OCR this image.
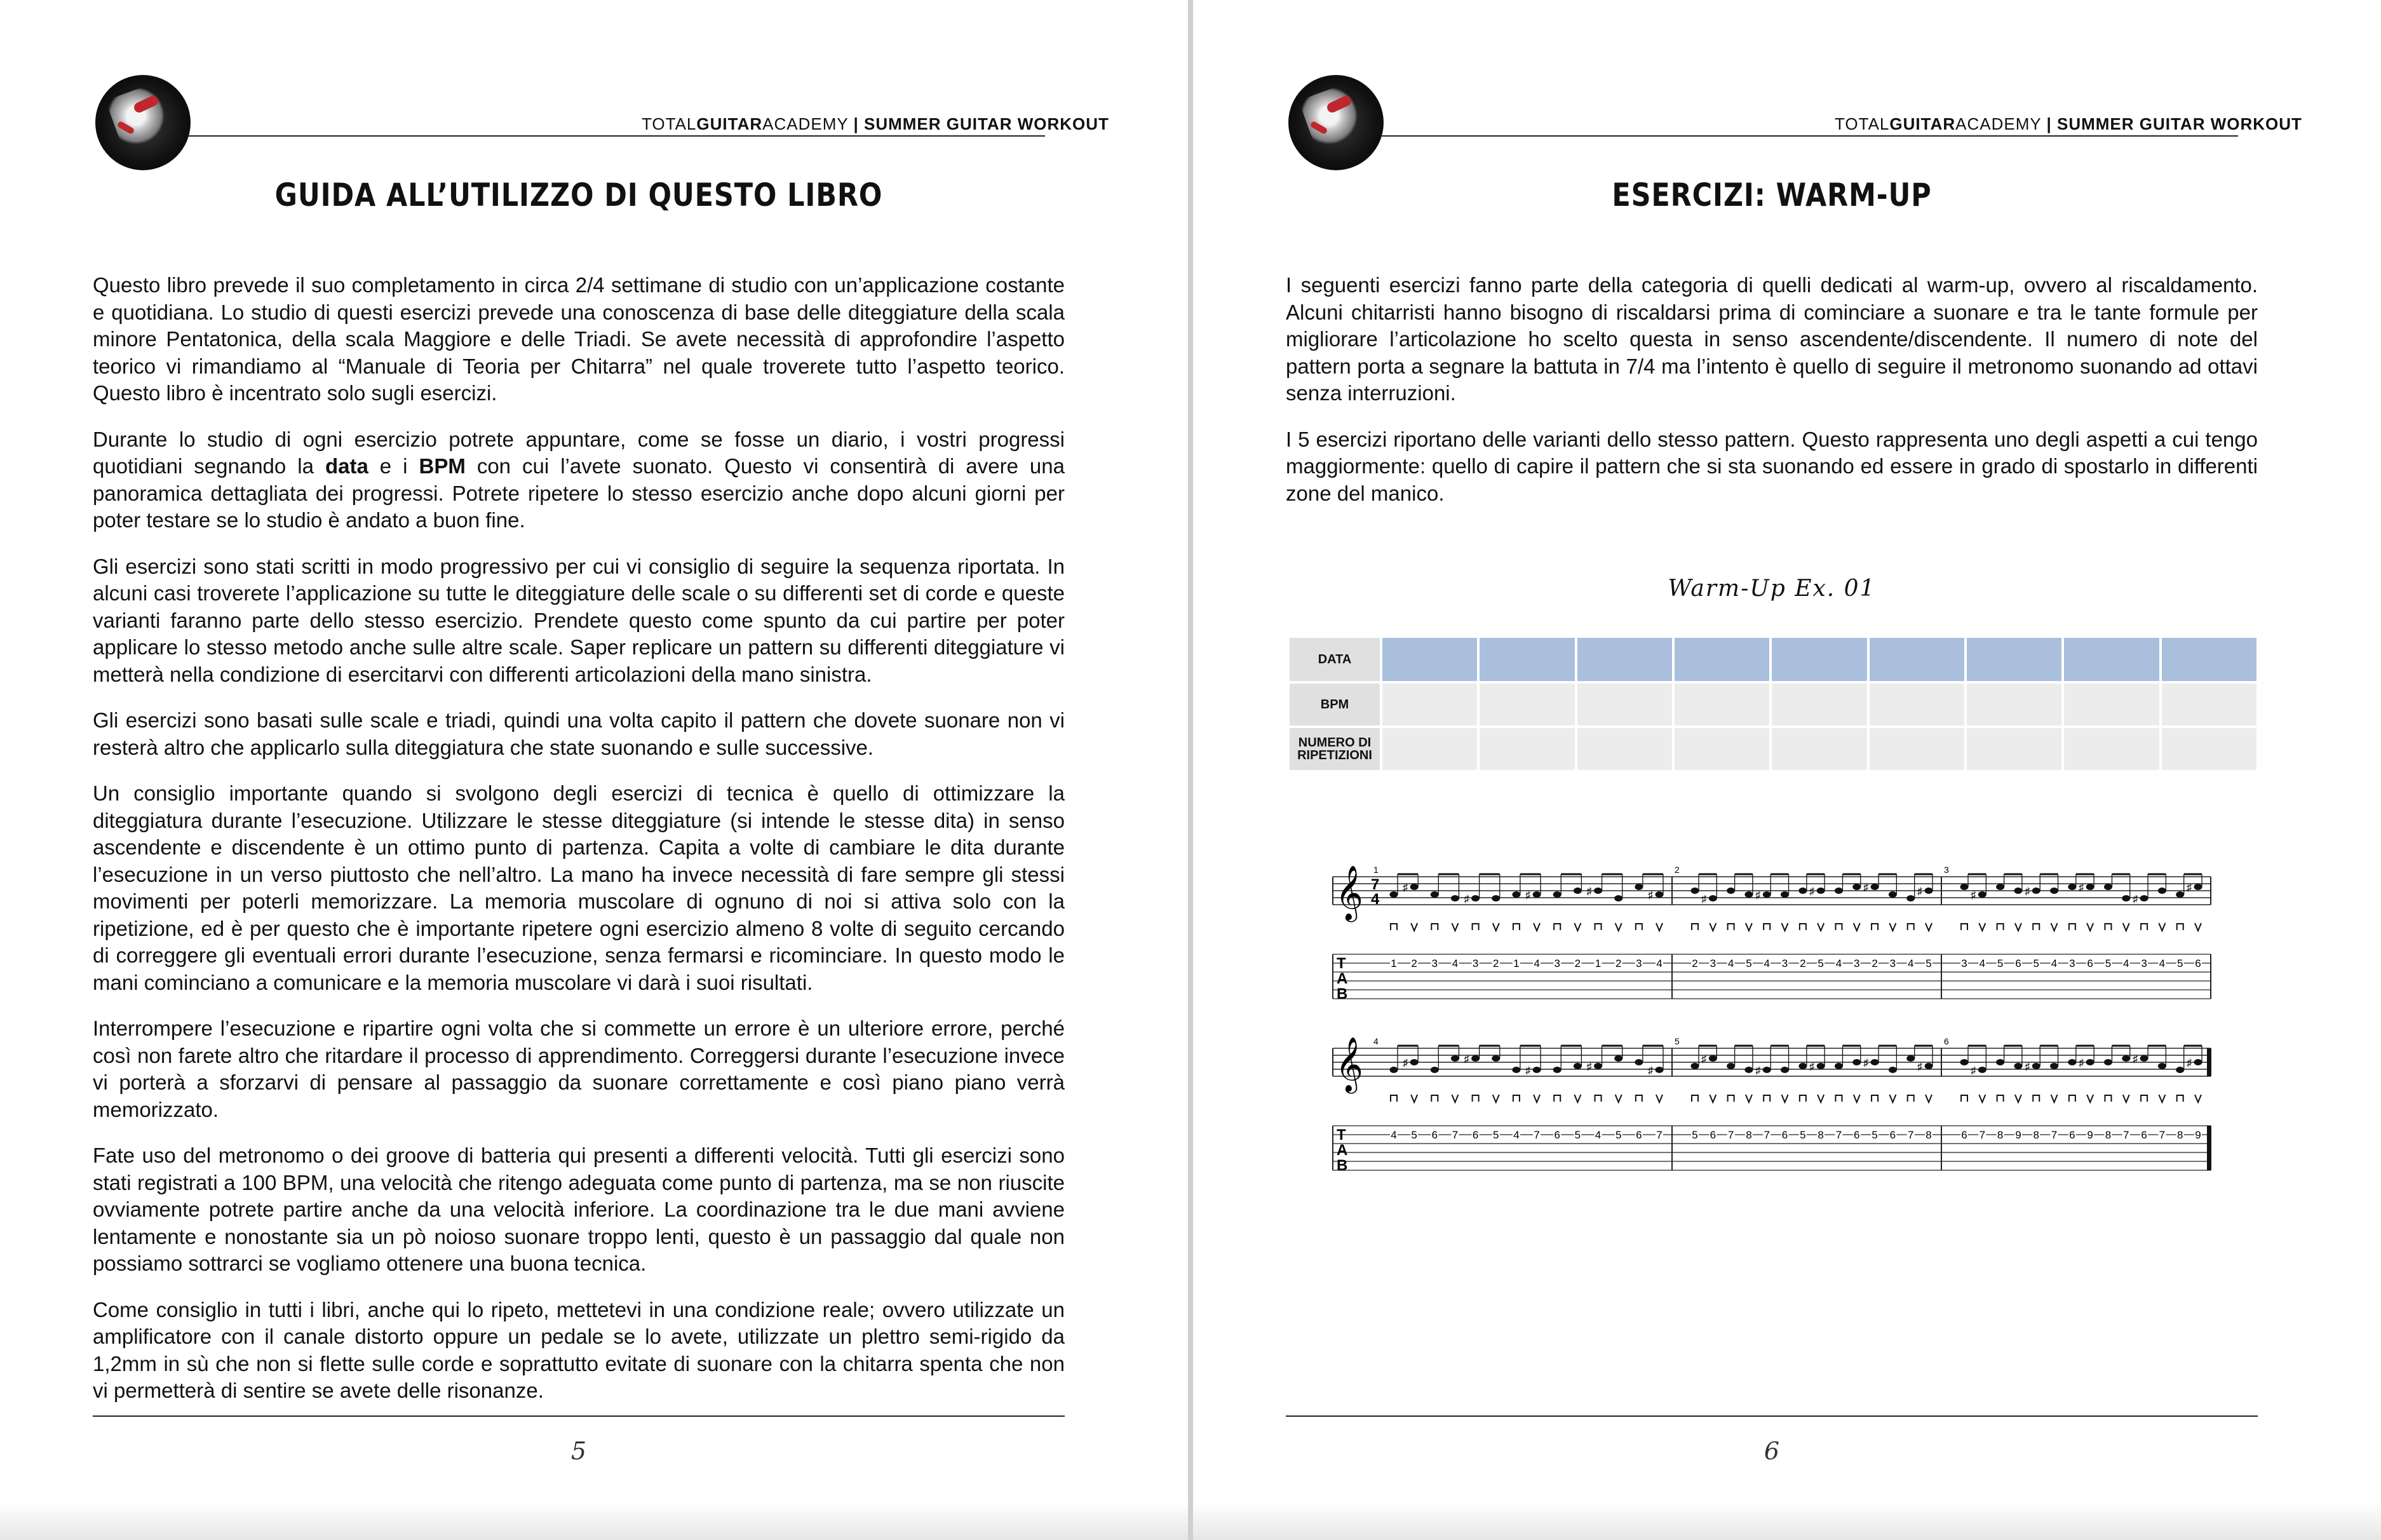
TOTALGUITARACADEMY | SUMMER GUITAR WORKOUT
GUIDA ALL’UTILIZZO DI QUESTO LIBRO

Questo libro prevede il suo completamento in circa 2/4 settimane di studio con un’applicazione costante e quotidiana. Lo studio di questi esercizi prevede una conoscenza di base delle diteggiature della scala minore Pentatonica, della scala Maggiore e delle Triadi. Se avete necessità di approfondire l’aspetto teorico vi rimandiamo al “Manuale di Teoria per Chitarra” nel quale troverete tutto l’aspetto teorico. Questo libro è incentrato solo sugli esercizi.

Durante lo studio di ogni esercizio potrete appuntare, come se fosse un diario, i vostri progressi quotidiani segnando la data e i BPM con cui l’avete suonato. Questo vi consentirà di avere una panoramica dettagliata dei progressi. Potrete ripetere lo stesso esercizio anche dopo alcuni giorni per poter testare se lo studio è andato a buon fine.

Gli esercizi sono stati scritti in modo progressivo per cui vi consiglio di seguire la sequenza riportata. In alcuni casi troverete l’applicazione su tutte le diteggiature delle scale o su differenti set di corde e queste varianti faranno parte dello stesso esercizio. Prendete questo come spunto da cui partire per poter applicare lo stesso metodo anche sulle altre scale. Saper replicare un pattern su differenti diteggiature vi metterà nella condizione di esercitarvi con differenti articolazioni della mano sinistra.

Gli esercizi sono basati sulle scale e triadi, quindi una volta capito il pattern che dovete suonare non vi resterà altro che applicarlo sulla diteggiatura che state suonando e sulle successive.

Un consiglio importante quando si svolgono degli esercizi di tecnica è quello di ottimizzare la diteggiatura durante l’esecuzione. Utilizzare le stesse diteggiature (si intende le stesse dita) in senso ascendente e discendente è un ottimo punto di partenza. Capita a volte di cambiare le dita durante l’esecuzione in un verso piuttosto che nell’altro. La mano ha invece necessità di fare sempre gli stessi movimenti per poterli memorizzare. La memoria muscolare di ognuno di noi si attiva solo con la ripetizione, ed è per questo che è importante ripetere ogni esercizio almeno 8 volte di seguito cercando di correggere gli eventuali errori durante l’esecuzione, senza fermarsi e ricominciare. In questo modo le mani cominciano a comunicare e la memoria muscolare vi darà i suoi risultati.

Interrompere l’esecuzione e ripartire ogni volta che si commette un errore è un ulteriore errore, perché così non farete altro che ritardare il processo di apprendimento. Correggersi durante l’esecuzione invece vi porterà a sforzarvi di pensare al passaggio da suonare correttamente e così piano piano verrà memorizzato.

Fate uso del metronomo o dei groove di batteria qui presenti a differenti velocità. Tutti gli esercizi sono stati registrati a 100 BPM, una velocità che ritengo adeguata come punto di partenza, ma se non riuscite ovviamente potrete partire anche da una velocità inferiore. La coordinazione tra le due mani avviene lentamente e nonostante sia un pò noioso suonare troppo lenti, questo è un passaggio dal quale non possiamo sottrarci se vogliamo ottenere una buona tecnica.

Come consiglio in tutti i libri, anche qui lo ripeto, mettetevi in una condizione reale; ovvero utilizzate un amplificatore con il canale distorto oppure un pedale se lo avete, utilizzate un plettro semi-rigido da 1,2mm in sù che non si flette sulle corde e soprattutto evitate di suonare con la chitarra spenta che non vi permetterà di sentire se avete delle risonanze.

5
TOTALGUITARACADEMY | SUMMER GUITAR WORKOUT
ESERCIZI: WARM-UP

I seguenti esercizi fanno parte della categoria di quelli dedicati al warm-up, ovvero al riscaldamento. Alcuni chitarristi hanno bisogno di riscaldarsi prima di cominciare a suonare e tra le tante formule per migliorare l’articolazione ho scelto questa in senso ascendente/discendente. Il numero di note del pattern porta a segnare la battuta in 7/4 ma l’intento è quello di seguire il metronomo suonando ad ottavi senza interruzioni.

I 5 esercizi riportano delle varianti dello stesso pattern. Questo rappresenta uno degli aspetti a cui tengo maggiormente: quello di capire il pattern che si sta suonando ed essere in grado di spostarlo in differenti zone del manico.

Warm-Up Ex. 01
DATA									
BPM									
NUMERO DI
RIPETIZIONI									
𝄞 7
4
T
A
B
1
1
♯
2 3 4
♯
3 2 1
♯
4 3 2
♯
1 2 3
♯
4
2
2
♯
3 4 5
♯
4 3 2
♯
5 4 3
♯
2 3 4
♯
5
3
3
♯
4 5 6
♯
5 4 3
♯
6 5 4
♯
3 4 5
♯
6
𝄞
T
A
B
4
4
♯
5 6 7
♯
6 5 4
♯
7 6 5
♯
4 5 6
♯
7
5
5
♯
6 7 8
♯
7 6 5
♯
8 7 6
♯
5 6 7
♯
8
6
6
♯
7 8 9
♯
8 7 6
♯
9 8 7
♯
6 7 8
♯
9
6
